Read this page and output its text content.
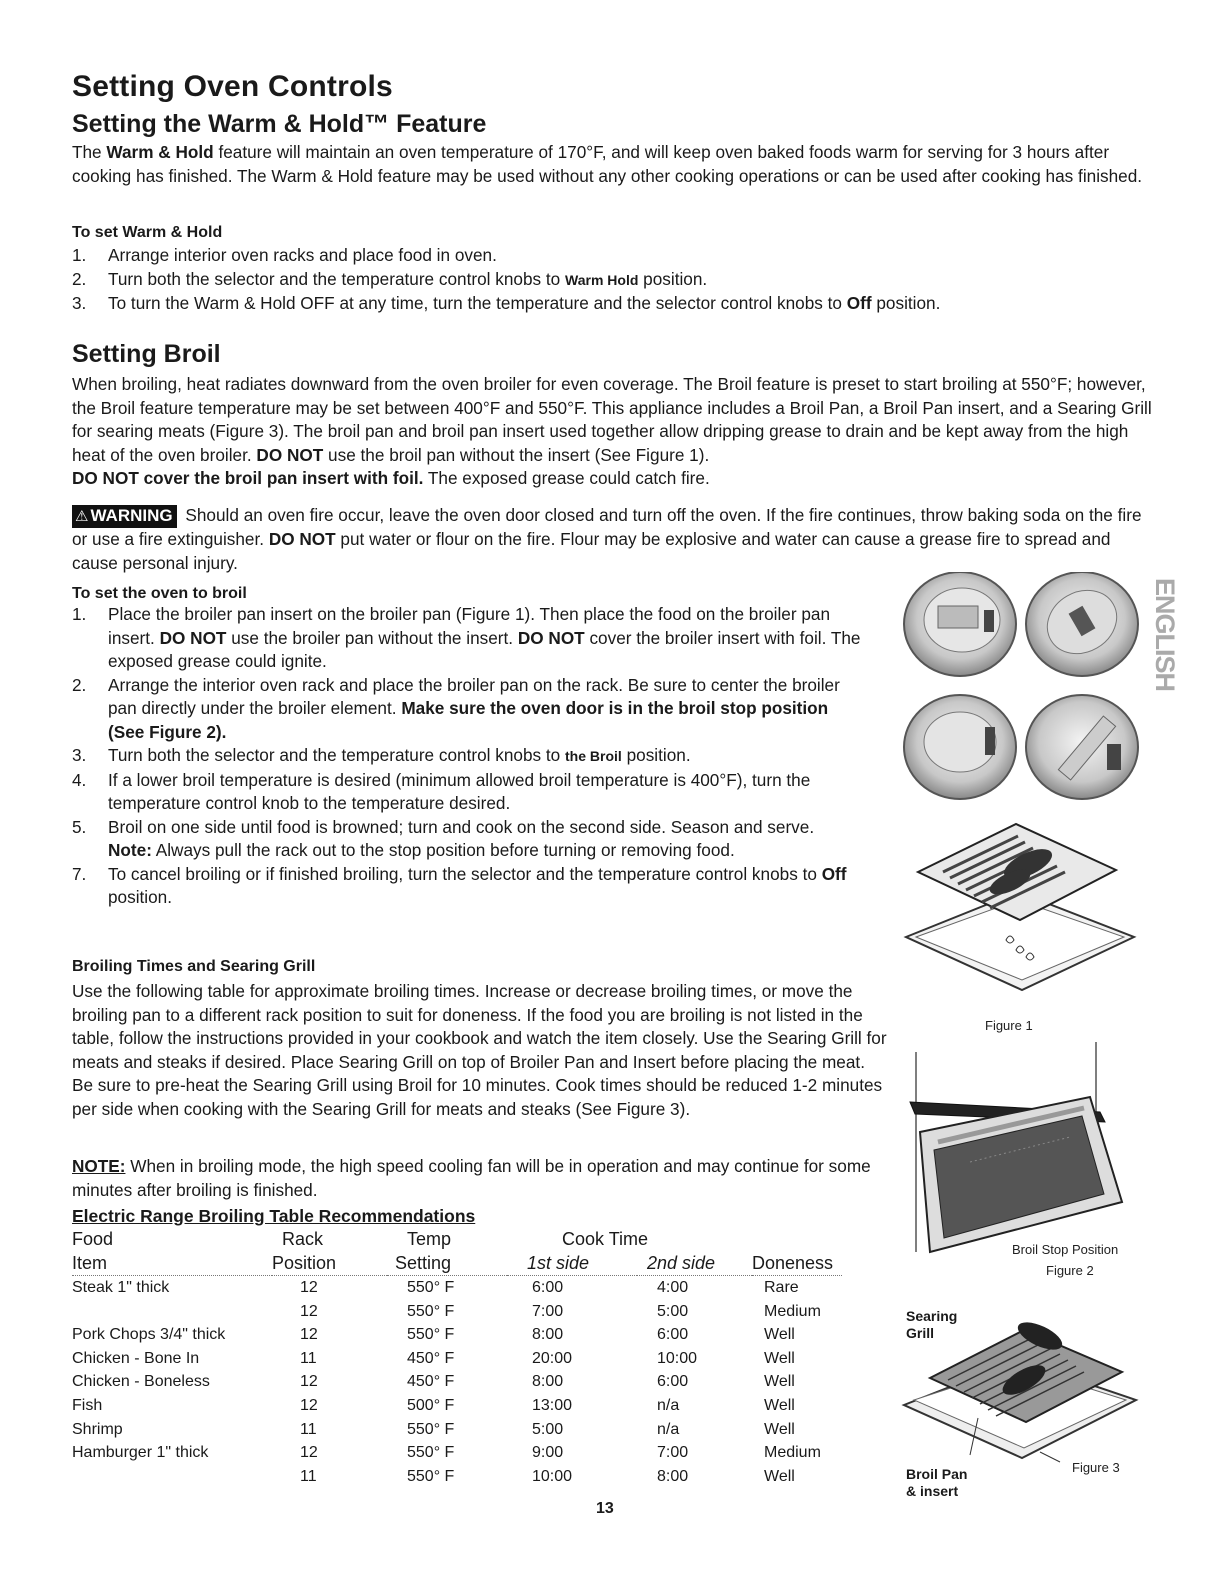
Setting Oven Controls
Setting the Warm & Hold™ Feature

The Warm & Hold feature will maintain an oven temperature of 170°F, and will keep oven baked foods warm for serving for 3 hours after cooking has finished. The Warm & Hold feature may be used without any other cooking operations or can be used after cooking has finished.

To set Warm & Hold
1.	Arrange interior oven racks and place food in oven.
2.	Turn both the selector and the temperature control knobs to Warm Hold position.
3.	To turn the Warm & Hold OFF at any time, turn the temperature and the selector control knobs to Off position.
Setting Broil

When broiling, heat radiates downward from the oven broiler for even coverage. The Broil feature is preset to start broiling at 550°F; however, the Broil feature temperature may be set between 400°F and 550°F. This appliance includes a Broil Pan, a Broil Pan insert, and a Searing Grill for searing meats (Figure 3). The broil pan and broil pan insert used together allow dripping grease to drain and be kept away from the high heat of the oven broiler. DO NOT use the broil pan without the insert (See Figure 1).
DO NOT cover the broil pan insert with foil. The exposed grease could catch fire.

⚠ WARNING Should an oven fire occur, leave the oven door closed and turn off the oven. If the fire continues, throw baking soda on the fire or use a fire extinguisher. DO NOT put water or flour on the fire. Flour may be explosive and water can cause a grease fire to spread and cause personal injury.

To set the oven to broil
1.	Place the broiler pan insert on the broiler pan (Figure 1). Then place the food on the broiler pan insert. DO NOT use the broiler pan without the insert. DO NOT cover the broiler insert with foil. The exposed grease could ignite.
2.	Arrange the interior oven rack and place the broiler pan on the rack. Be sure to center the broiler pan directly under the broiler element. Make sure the oven door is in the broil stop position (See Figure 2).
3.	Turn both the selector and the temperature control knobs to the Broil position.
4.	If a lower broil temperature is desired (minimum allowed broil temperature is 400°F), turn the temperature control knob to the temperature desired.
5.	Broil on one side until food is browned; turn and cook on the second side. Season and serve. Note: Always pull the rack out to the stop position before turning or removing food.
7.	To cancel broiling or if finished broiling, turn the selector and the temperature control knobs to Off position.
Broiling Times and Searing Grill

Use the following table for approximate broiling times. Increase or decrease broiling times, or move the broiling pan to a different rack position to suit for doneness. If the food you are broiling is not listed in the table, follow the instructions provided in your cookbook and watch the item closely. Use the Searing Grill for meats and steaks if desired. Place Searing Grill on top of Broiler Pan and Insert before placing the meat. Be sure to pre-heat the Searing Grill using Broil for 10 minutes. Cook times should be reduced 1-2 minutes per side when cooking with the Searing Grill for meats and steaks (See Figure 3).

NOTE: When in broiling mode, the high speed cooling fan will be in operation and may continue for some minutes after broiling is finished.

Electric Range Broiling Table Recommendations
Food	Rack	Temp	Cook Time		
Item	Position	Setting	1st side	2nd side	Doneness
Steak 1" thick	12	550° F	6:00	4:00	Rare
	12	550° F	7:00	5:00	Medium
Pork Chops 3/4" thick	12	550° F	8:00	6:00	Well
Chicken - Bone In	11	450° F	20:00	10:00	Well
Chicken - Boneless	12	450° F	8:00	6:00	Well
Fish	12	500° F	13:00	n/a	Well
Shrimp	11	550° F	5:00	n/a	Well
Hamburger 1" thick	12	550° F	9:00	7:00	Medium
	11	550° F	10:00	8:00	Well
13
ENGLISH
Figure 1
Broil Stop Position
Figure 2
Searing
Grill
Broil Pan
& insert
Figure 3
